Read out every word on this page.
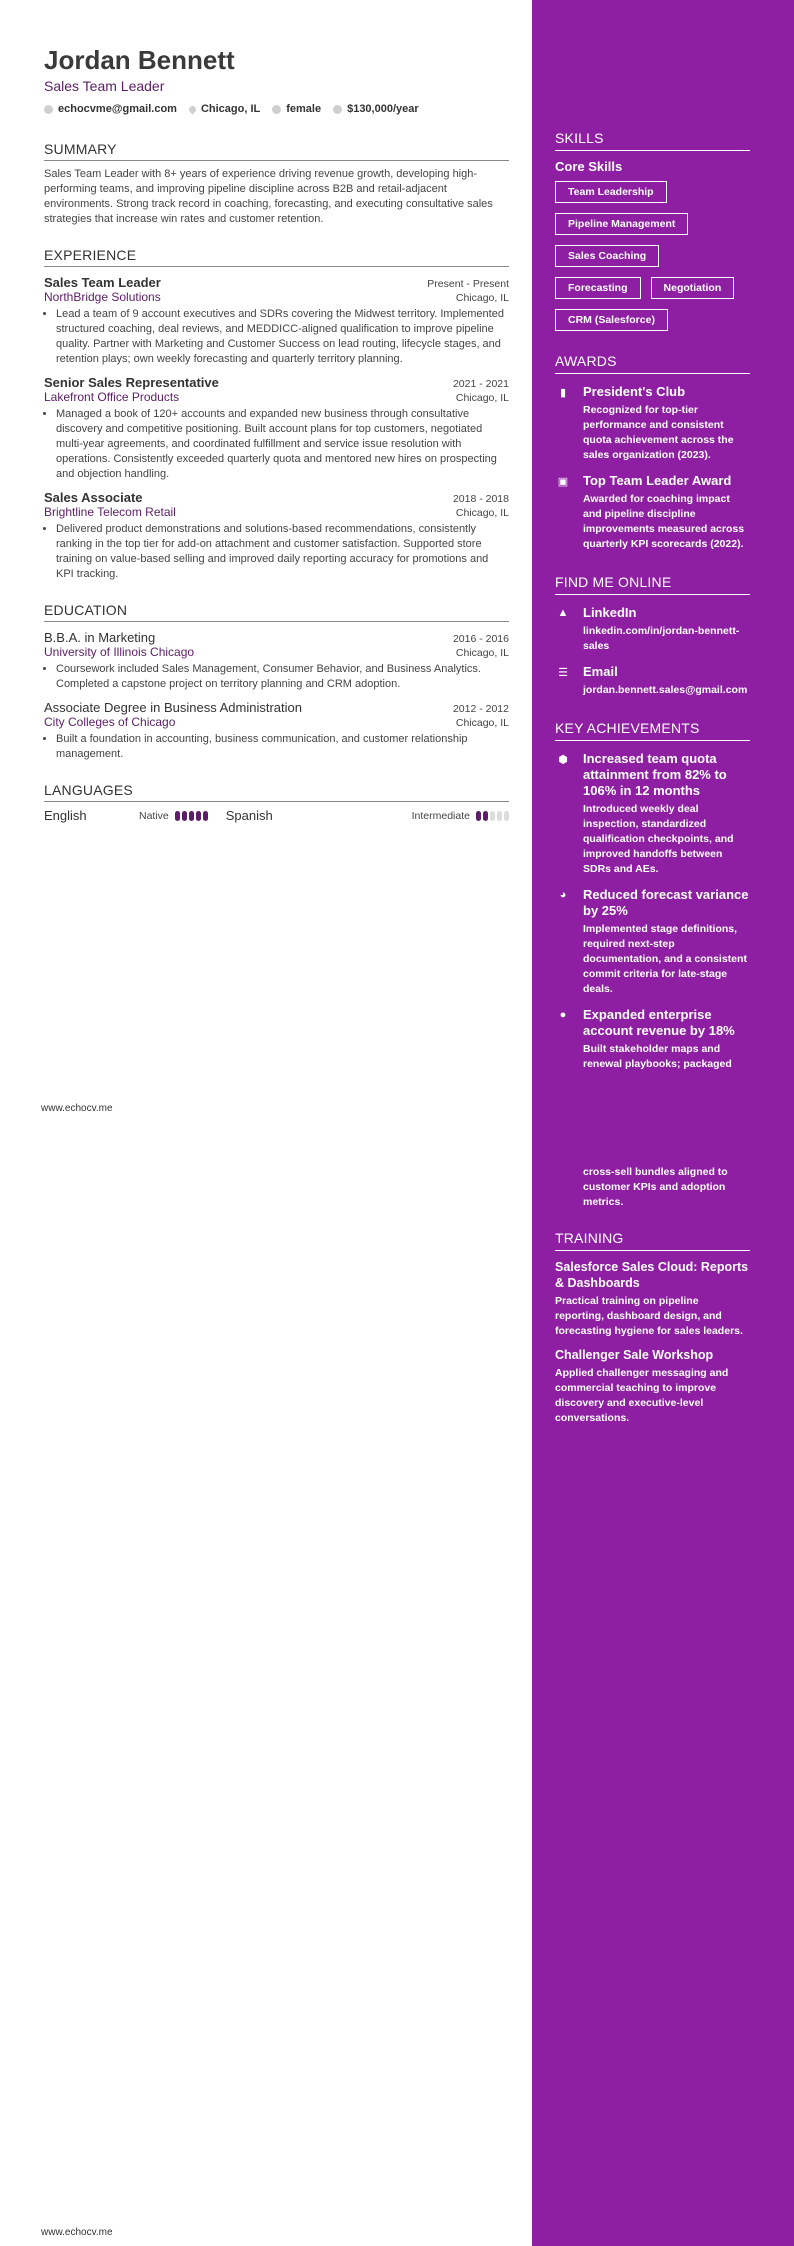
Jordan Bennett
Sales Team Leader
echocvme@gmail.com Chicago, IL female $130,000/year
SUMMARY
Sales Team Leader with 8+ years of experience driving revenue growth, developing high-performing teams, and improving pipeline discipline across B2B and retail-adjacent environments. Strong track record in coaching, forecasting, and executing consultative sales strategies that increase win rates and customer retention.
EXPERIENCE
Sales Team Leader	Present - Present
NorthBridge Solutions	Chicago, IL
• Lead a team of 9 account executives and SDRs covering the Midwest territory. Implemented structured coaching, deal reviews, and MEDDICC-aligned qualification to improve pipeline quality. Partner with Marketing and Customer Success on lead routing, lifecycle stages, and retention plays; own weekly forecasting and quarterly territory planning.
Senior Sales Representative	2021 - 2021
Lakefront Office Products	Chicago, IL
• Managed a book of 120+ accounts and expanded new business through consultative discovery and competitive positioning. Built account plans for top customers, negotiated multi-year agreements, and coordinated fulfillment and service issue resolution with operations. Consistently exceeded quarterly quota and mentored new hires on prospecting and objection handling.
Sales Associate	2018 - 2018
Brightline Telecom Retail	Chicago, IL
• Delivered product demonstrations and solutions-based recommendations, consistently ranking in the top tier for add-on attachment and customer satisfaction. Supported store training on value-based selling and improved daily reporting accuracy for promotions and KPI tracking.
EDUCATION
B.B.A. in Marketing	2016 - 2016
University of Illinois Chicago	Chicago, IL
• Coursework included Sales Management, Consumer Behavior, and Business Analytics. Completed a capstone project on territory planning and CRM adoption.
Associate Degree in Business Administration	2012 - 2012
City Colleges of Chicago	Chicago, IL
• Built a foundation in accounting, business communication, and customer relationship management.
LANGUAGES
English	Native	Spanish	Intermediate
www.echocv.me
www.echocv.me
SKILLS
Core Skills
Team Leadership
Pipeline Management
Sales Coaching
Forecasting	Negotiation
CRM (Salesforce)
AWARDS
▮	President's Club
Recognized for top-tier performance and consistent quota achievement across the sales organization (2023).
▣ Top Team Leader Award
Awarded for coaching impact and pipeline discipline improvements measured across quarterly KPI scorecards (2022).
FIND ME ONLINE
▲ LinkedIn
linkedin.com/in/jordan-bennett-sales
☰ Email
jordan.bennett.sales@gmail.com
KEY ACHIEVEMENTS
⬢ Increased team quota attainment from 82% to 106% in 12 months
Introduced weekly deal inspection, standardized qualification checkpoints, and improved handoffs between SDRs and AEs.
◕	Reduced forecast variance by 25%
Implemented stage definitions, required next-step documentation, and a consistent commit criteria for late-stage deals.
●	Expanded enterprise account revenue by 18%
Built stakeholder maps and renewal playbooks; packaged
cross-sell bundles aligned to customer KPIs and adoption metrics.
TRAINING
Salesforce Sales Cloud: Reports & Dashboards
Practical training on pipeline reporting, dashboard design, and forecasting hygiene for sales leaders.
Challenger Sale Workshop
Applied challenger messaging and commercial teaching to improve discovery and executive-level conversations.
